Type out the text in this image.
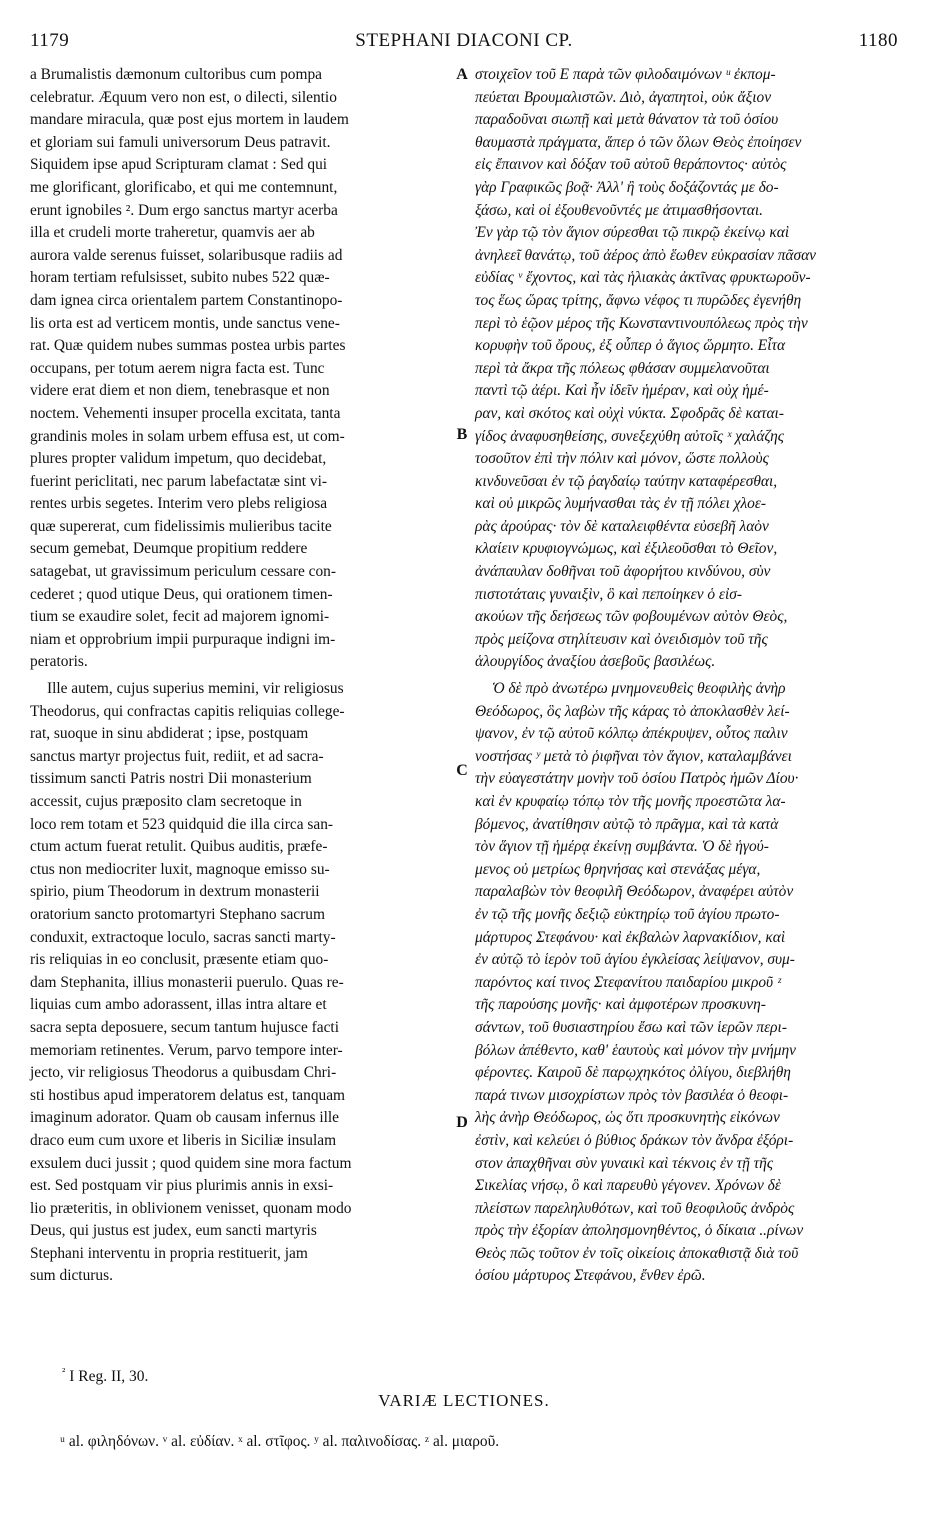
1179	STEPHANI DIACONI CP.	1180

a Brumalistis dæmonum cultoribus cum pompa
celebratur. Æquum vero non est, o dilecti, silentio
mandare miracula, quæ post ejus mortem in laudem
et gloriam sui famuli universorum Deus patravit.
Siquidem ipse apud Scripturam clamat : Sed qui
me glorificant, glorificabo, et qui me contemnunt,
erunt ignobiles ². Dum ergo sanctus martyr acerba
illa et crudeli morte traheretur, quamvis aer ab
aurora valde serenus fuisset, solaribusque radiis ad
horam tertiam refulsisset, subito nubes 522 quæ-
dam ignea circa orientalem partem Constantinopo-
lis orta est ad verticem montis, unde sanctus vene-
rat. Quæ quidem nubes summas postea urbis partes
occupans, per totum aerem nigra facta est. Tunc
videre erat diem et non diem, tenebrasque et non
noctem. Vehementi insuper procella excitata, tanta
grandinis moles in solam urbem effusa est, ut com-
plures propter validum impetum, quo decidebat,
fuerint periclitati, nec parum labefactatæ sint vi-
rentes urbis segetes. Interim vero plebs religiosa
quæ supererat, cum fidelissimis mulieribus tacite
secum gemebat, Deumque propitium reddere
satagebat, ut gravissimum periculum cessare con-
cederet ; quod utique Deus, qui orationem timen-
tium se exaudire solet, fecit ad majorem ignomi-
niam et opprobrium impii purpuraque indigni im-
peratoris.

Ille autem, cujus superius memini, vir religiosus
Theodorus, qui confractas capitis reliquias college-
rat, suoque in sinu abdiderat ; ipse, postquam
sanctus martyr projectus fuit, rediit, et ad sacra-
tissimum sancti Patris nostri Dii monasterium
accessit, cujus præposito clam secretoque in
loco rem totam et 523 quidquid die illa circa san-
ctum actum fuerat retulit. Quibus auditis, præfe-
ctus non mediocriter luxit, magnoque emisso su-
spirio, pium Theodorum in dextrum monasterii
oratorium sancto protomartyri Stephano sacrum
conduxit, extractoque loculo, sacras sancti marty-
ris reliquias in eo conclusit, præsente etiam quo-
dam Stephanita, illius monasterii puerulo. Quas re-
liquias cum ambo adorassent, illas intra altare et
sacra septa deposuere, secum tantum hujusce facti
memoriam retinentes. Verum, parvo tempore inter-
jecto, vir religiosus Theodorus a quibusdam Chri-
sti hostibus apud imperatorem delatus est, tanquam
imaginum adorator. Quam ob causam infernus ille
draco eum cum uxore et liberis in Siciliæ insulam
exsulem duci jussit ; quod quidem sine mora factum
est. Sed postquam vir pius plurimis annis in exsi-
lio præteritis, in oblivionem venisset, quonam modo
Deus, qui justus est judex, eum sancti martyris
Stephani interventu in propria restituerit, jam
sum dicturus.

A
B
C
D

στοιχεῖον τοῦ Ε παρὰ τῶν φιλοδαιμόνων ᵘ ἐκπομ-
πεύεται Βρουμαλιστῶν. Διὸ, ἀγαπητοὶ, οὐκ ἄξιον
παραδοῦναι σιωπῇ καὶ μετὰ θάνατον τὰ τοῦ ὁσίου
θαυμαστὰ πράγματα, ἅπερ ὁ τῶν ὅλων Θεὸς ἐποίησεν
εἰς ἔπαινον καὶ δόξαν τοῦ αὐτοῦ θεράποντος· αὐτὸς
γὰρ Γραφικῶς βοᾷ· Ἀλλ' ἢ τοὺς δοξάζοντάς με δο-
ξάσω, καὶ οἱ ἐξουθενοῦντές με ἀτιμασθήσονται.
Ἐν γὰρ τῷ τὸν ἅγιον σύρεσθαι τῷ πικρῷ ἐκείνῳ καὶ
ἀνηλεεῖ θανάτῳ, τοῦ ἀέρος ἀπὸ ἕωθεν εὐκρασίαν πᾶσαν
εὐδίας ᵛ ἔχοντος, καὶ τὰς ἡλιακὰς ἀκτῖνας φρυκτωροῦν-
τος ἕως ὥρας τρίτης, ἄφνω νέφος τι πυρῶδες ἐγενήθη
περὶ τὸ ἑῷον μέρος τῆς Κωνσταντινουπόλεως πρὸς τὴν
κορυφὴν τοῦ ὄρους, ἐξ οὗπερ ὁ ἅγιος ὥρμητο. Εἶτα
περὶ τὰ ἄκρα τῆς πόλεως φθάσαν συμμελανοῦται
παντὶ τῷ ἀέρι. Καὶ ἦν ἰδεῖν ἡμέραν, καὶ οὐχ ἡμέ-
ραν, καὶ σκότος καὶ οὐχὶ νύκτα. Σφοδρᾶς δὲ καται-
γίδος ἀναφυσηθείσης, συνεξεχύθη αὐτοῖς ˣ χαλάζης
τοσοῦτον ἐπὶ τὴν πόλιν καὶ μόνον, ὥστε πολλοὺς
κινδυνεῦσαι ἐν τῷ ῥαγδαίῳ ταύτην καταφέρεσθαι,
καὶ οὐ μικρῶς λυμήνασθαι τὰς ἐν τῇ πόλει χλοε-
ρὰς ἀρούρας· τὸν δὲ καταλειφθέντα εὐσεβῆ λαὸν
κλαίειν κρυφιογνώμως, καὶ ἐξιλεοῦσθαι τὸ Θεῖον,
ἀνάπαυλαν δοθῆναι τοῦ ἀφορήτου κινδύνου, σὺν
πιστοτάταις γυναιξὶν, ὃ καὶ πεποίηκεν ὁ εἰσ-
ακούων τῆς δεήσεως τῶν φοβουμένων αὐτὸν Θεὸς,
πρὸς μείζονα στηλίτευσιν καὶ ὀνειδισμὸν τοῦ τῆς
ἁλουργίδος ἀναξίου ἀσεβοῦς βασιλέως.

Ὁ δὲ πρὸ ἀνωτέρω μνημονευθεὶς θεοφιλὴς ἀνὴρ
Θεόδωρος, ὃς λαβὼν τῆς κάρας τὸ ἀποκλασθὲν λεί-
ψανον, ἐν τῷ αὐτοῦ κόλπῳ ἀπέκρυψεν, οὗτος παλιν
νοστήσας ʸ μετὰ τὸ ῥιφῆναι τὸν ἅγιον, καταλαμβάνει
τὴν εὐαγεστάτην μονὴν τοῦ ὁσίου Πατρὸς ἡμῶν Δίου·
καὶ ἐν κρυφαίῳ τόπῳ τὸν τῆς μονῆς προεστῶτα λα-
βόμενος, ἀνατίθησιν αὐτῷ τὸ πρᾶγμα, καὶ τὰ κατὰ
τὸν ἅγιον τῇ ἡμέρᾳ ἐκείνῃ συμβάντα. Ὁ δὲ ἡγού-
μενος οὐ μετρίως θρηνήσας καὶ στενάξας μέγα,
παραλαβὼν τὸν θεοφιλῆ Θεόδωρον, ἀναφέρει αὐτὸν
ἐν τῷ τῆς μονῆς δεξιῷ εὐκτηρίῳ τοῦ ἁγίου πρωτο-
μάρτυρος Στεφάνου· καὶ ἐκβαλὼν λαρνακίδιον, καὶ
ἐν αὐτῷ τὸ ἱερὸν τοῦ ἁγίου ἐγκλείσας λείψανον, συμ-
παρόντος καί τινος Στεφανίτου παιδαρίου μικροῦ ᶻ
τῆς παρούσης μονῆς· καὶ ἀμφοτέρων προσκυνη-
σάντων, τοῦ θυσιαστηρίου ἔσω καὶ τῶν ἱερῶν περι-
βόλων ἀπέθεντο, καθ' ἑαυτοὺς καὶ μόνον τὴν μνήμην
φέροντες. Καιροῦ δὲ παρῳχηκότος ὀλίγου, διεβλήθη
παρά τινων μισοχρίστων πρὸς τὸν βασιλέα ὁ θεοφι-
λὴς ἀνὴρ Θεόδωρος, ὡς ὅτι προσκυνητὴς εἰκόνων
ἐστὶν, καὶ κελεύει ὁ βύθιος δράκων τὸν ἄνδρα ἐξόρι-
στον ἀπαχθῆναι σὺν γυναικὶ καὶ τέκνοις ἐν τῇ τῆς
Σικελίας νήσῳ, ὃ καὶ παρευθὺ γέγονεν. Χρόνων δὲ
πλείστων παρεληλυθότων, καὶ τοῦ θεοφιλοῦς ἀνδρὸς
πρὸς τὴν ἐξορίαν ἀπολησμονηθέντος, ὁ δίκαια ..ρίνων
Θεὸς πῶς τοῦτον ἐν τοῖς οἰκείοις ἀποκαθιστᾷ διὰ τοῦ
ὁσίου μάρτυρος Στεφάνου, ἔνθεν ἐρῶ.

$^{^2}$ I Reg. II, 30.
VARIÆ LECTIONES.
ᵘ al. φιληδόνων. ᵛ al. εὐδίαν. ˣ al. στῖφος. ʸ al. παλινοδίσας. ᶻ al. μιαροῦ.
